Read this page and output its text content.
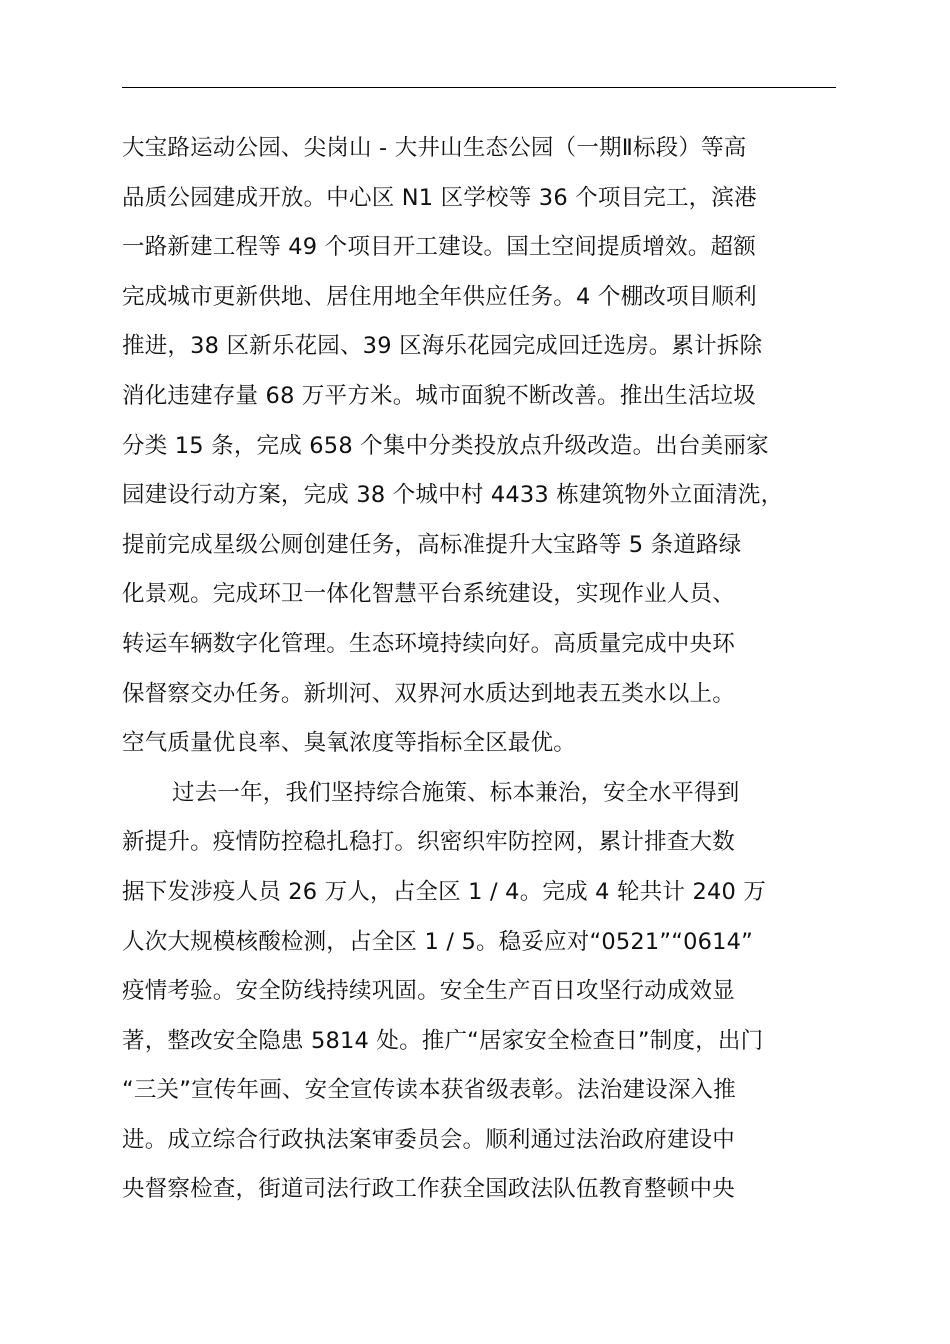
大宝路运动公园、尖岗山 - 大井山生态公园（一期Ⅱ标段）等高
品质公园建成开放。中心区 N1 区学校等 36 个项目完工，滨港
一路新建工程等 49 个项目开工建设。国土空间提质增效。超额
完成城市更新供地、居住用地全年供应任务。4 个棚改项目顺利
推进，38 区新乐花园、39 区海乐花园完成回迁选房。累计拆除
消化违建存量 68 万平方米。城市面貌不断改善。推出生活垃圾
分类 15 条，完成 658 个集中分类投放点升级改造。出台美丽家
园建设行动方案，完成 38 个城中村 4433 栋建筑物外立面清洗，
提前完成星级公厕创建任务，高标准提升大宝路等 5 条道路绿
化景观。完成环卫一体化智慧平台系统建设，实现作业人员、
转运车辆数字化管理。生态环境持续向好。高质量完成中央环
保督察交办任务。新圳河、双界河水质达到地表五类水以上。
空气质量优良率、臭氧浓度等指标全区最优。
过去一年，我们坚持综合施策、标本兼治，安全水平得到
新提升。疫情防控稳扎稳打。织密织牢防控网，累计排查大数
据下发涉疫人员 26 万人，占全区 1 / 4。完成 4 轮共计 240 万
人次大规模核酸检测，占全区 1 / 5。稳妥应对“0521”“0614”
疫情考验。安全防线持续巩固。安全生产百日攻坚行动成效显
著，整改安全隐患 5814 处。推广“居家安全检查日”制度，出门
“三关”宣传年画、安全宣传读本获省级表彰。法治建设深入推
进。成立综合行政执法案审委员会。顺利通过法治政府建设中
央督察检查，街道司法行政工作获全国政法队伍教育整顿中央
